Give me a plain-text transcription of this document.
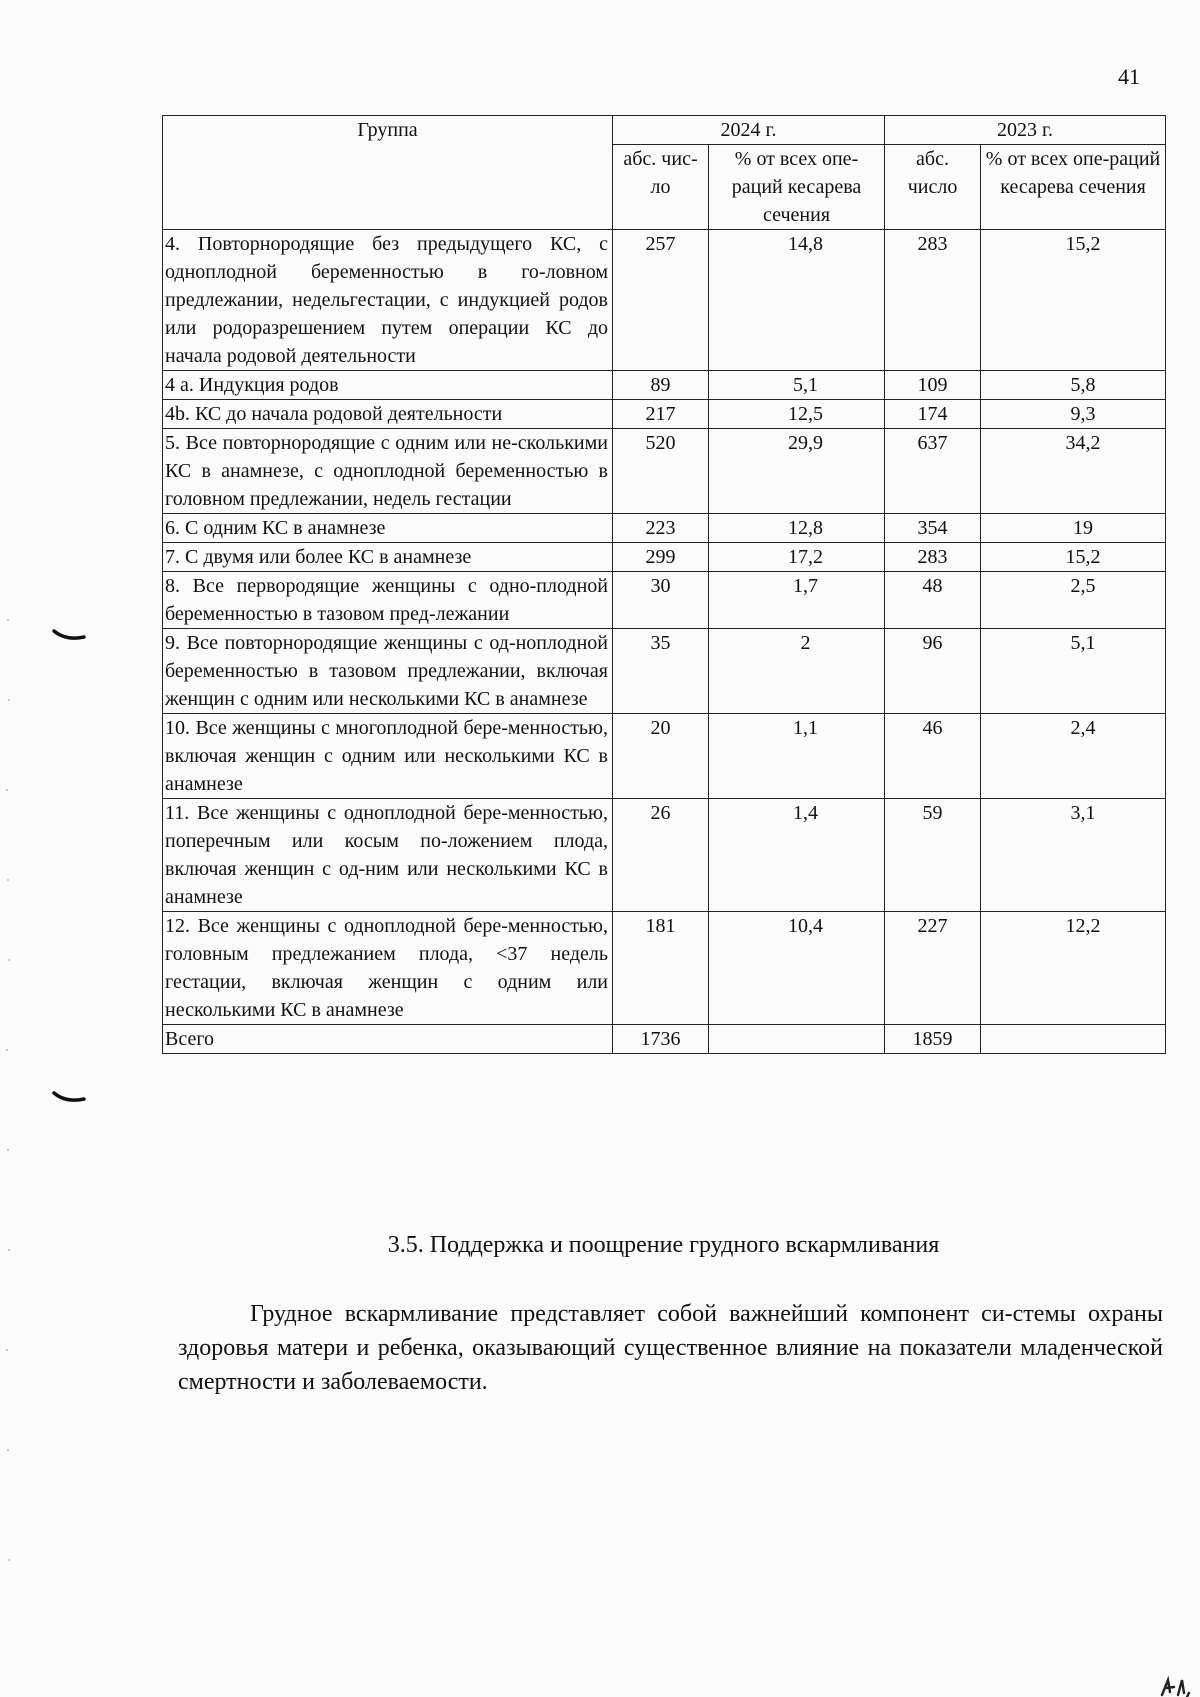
41
Группа	2024 г.		2023 г.	
	абс. чис-ло	% от всех опе-раций кесарева сечения	абс. число	% от всех опе-раций кесарева сечения
4. Повторнородящие без предыдущего КС, с одноплодной беременностью в го-ловном предлежании, недельгестации, с индукцией родов или родоразрешением путем операции КС до начала родовой деятельности	257	14,8	283	15,2
4 а. Индукция родов	89	5,1	109	5,8
4b. КС до начала родовой деятельности	217	12,5	174	9,3
5. Все повторнородящие с одним или не-сколькими КС в анамнезе, с одноплодной беременностью в головном предлежании, недель гестации	520	29,9	637	34,2
6. С одним КС в анамнезе	223	12,8	354	19
7. С двумя или более КС в анамнезе	299	17,2	283	15,2
8. Все первородящие женщины с одно-плодной беременностью в тазовом пред-лежании	30	1,7	48	2,5
9. Все повторнородящие женщины с од-ноплодной беременностью в тазовом предлежании, включая женщин с одним или несколькими КС в анамнезе	35	2	96	5,1
10. Все женщины с многоплодной бере-менностью, включая женщин с одним или несколькими КС в анамнезе	20	1,1	46	2,4
11. Все женщины с одноплодной бере-менностью, поперечным или косым по-ложением плода, включая женщин с од-ним или несколькими КС в анамнезе	26	1,4	59	3,1
12. Все женщины с одноплодной бере-менностью, головным предлежанием плода, <37 недель гестации, включая женщин с одним или несколькими КС в анамнезе	181	10,4	227	12,2
Всего	1736		1859	
3.5. Поддержка и поощрение грудного вскармливания

Грудное вскармливание представляет собой важнейший компонент си-стемы охраны здоровья матери и ребенка, оказывающий существенное влияние на показатели младенческой смертности и заболеваемости.
